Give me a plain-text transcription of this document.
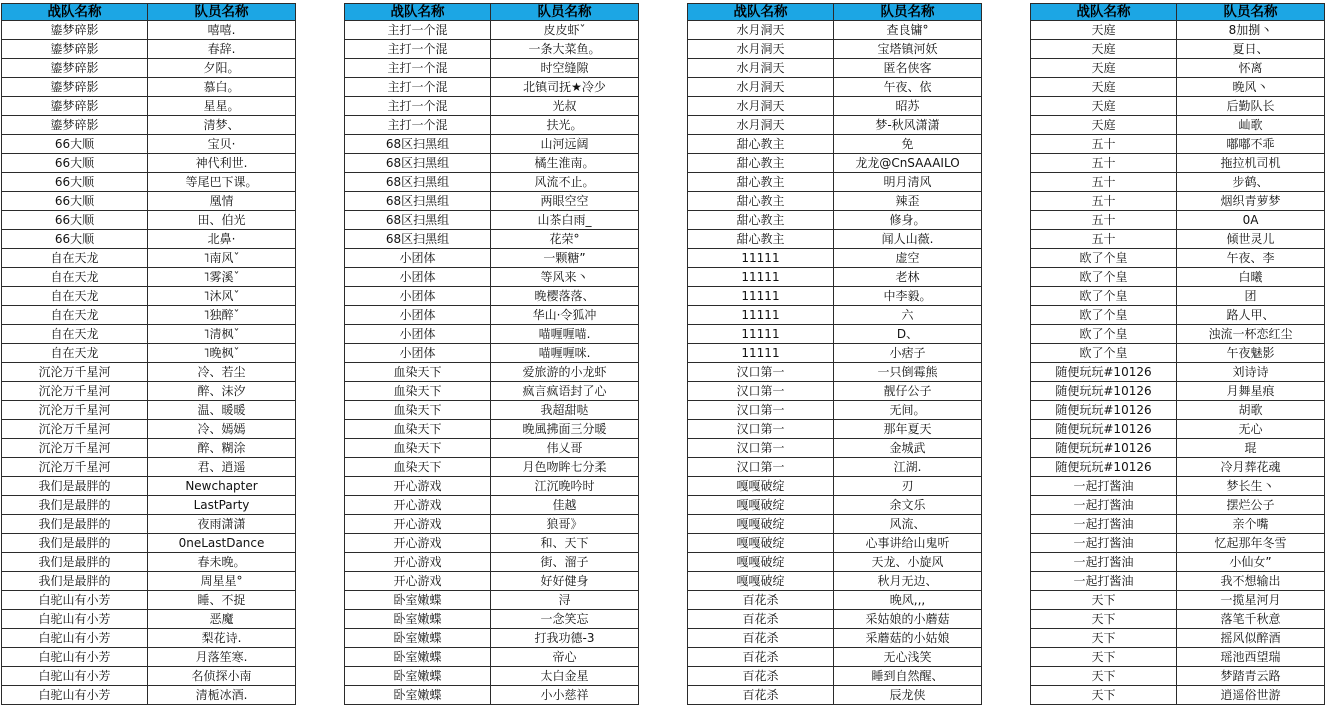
战队名称	队员名称
鎏梦碎影	嘻嘻.
鎏梦碎影	春辞.
鎏梦碎影	夕阳。
鎏梦碎影	慕白。
鎏梦碎影	星星。
鎏梦碎影	清梦、
66大顺	宝贝·
66大顺	神代利世.
66大顺	等尾巴下课。
66大顺	凰情
66大顺	田、伯光
66大顺	北鼻·
自在天龙	˥南风ˇ
自在天龙	˥雾溪ˇ
自在天龙	˥沐风ˇ
自在天龙	˥独醉ˇ
自在天龙	˥清枫ˇ
自在天龙	˥晚枫ˇ
沉沦万千星河	冷、若尘
沉沦万千星河	醉、沫汐
沉沦万千星河	温、暖暖
沉沦万千星河	冷、嫣嫣
沉沦万千星河	醉、糊涂
沉沦万千星河	君、逍遥
我们是最胖的	Newchapter
我们是最胖的	LastParty
我们是最胖的	夜雨潇潇
我们是最胖的	0neLastDance
我们是最胖的	春未晚。
我们是最胖的	周星星°
白驼山有小芳	睡、不捉
白驼山有小芳	恶魔
白驼山有小芳	梨花诗.
白驼山有小芳	月落笙寒.
白驼山有小芳	名侦探小南
白驼山有小芳	清栀冰酒.
战队名称	队员名称
主打一个混	皮皮虾ˇ
主打一个混	一条大菜鱼。
主打一个混	时空缝隙
主打一个混	北镇司抚★冷少
主打一个混	光叔
主打一个混	扶光。
68区扫黑组	山河远阔
68区扫黑组	橘生淮南。
68区扫黑组	风流不止。
68区扫黑组	两眼空空
68区扫黑组	山茶白雨_
68区扫黑组	花荣°
小团体	一颗糖”
小团体	等风来丶
小团体	晚樱落落、
小团体	华山·令狐冲
小团体	喵喱喱喵.
小团体	喵喱喱咪.
血染天下	爱旅游的小龙虾
血染天下	疯言疯语封了心
血染天下	我超甜哒
血染天下	晚風拂面三分暖
血染天下	伟乂哥
血染天下	月色吻眸七分柔
开心游戏	江沉晚吟时
开心游戏	佳越
开心游戏	狼哥》
开心游戏	和、天下
开心游戏	街、溜子
开心游戏	好好健身
卧室嫩蝶	浔
卧室嫩蝶	一念笑忘
卧室嫩蝶	打我功德-3
卧室嫩蝶	帝心
卧室嫩蝶	太白金星
卧室嫩蝶	小小慈祥
战队名称	队员名称
水月洞天	查良镛°
水月洞天	宝塔镇河妖
水月洞天	匿名侠客
水月洞天	午夜、依
水月洞天	昭苏
水月洞天	梦-秋风潇潇
甜心教主	免
甜心教主	龙龙@CnSAAAILO
甜心教主	明月清风
甜心教主	辣歪
甜心教主	修身。
甜心教主	闻人山薇.
11111	虚空
11111	老林
11111	中李毅。
11111	六
11111	D、
11111	小痞子
汉口第一	一只倒霉熊
汉口第一	靓仔公子
汉口第一	无间。
汉口第一	那年夏天
汉口第一	金城武
汉口第一	江湖.
嘎嘎破绽	刃
嘎嘎破绽	余文乐
嘎嘎破绽	风流、
嘎嘎破绽	心事讲给山鬼听
嘎嘎破绽	天龙、小旋风
嘎嘎破绽	秋月无边、
百花杀	晚风,,,
百花杀	采姑娘的小蘑菇
百花杀	采蘑菇的小姑娘
百花杀	无心浅笑
百花杀	睡到自然醒、
百花杀	辰龙侠
战队名称	队员名称
天庭	8加捌丶
天庭	夏日、
天庭	怀离
天庭	晚风丶
天庭	后勤队长
天庭	屾歌
五十	嘟嘟不乖
五十	拖拉机司机
五十	步鹤、
五十	烟织青萝梦
五十	0A
五十	倾世灵儿
欧了个皇	午夜、李
欧了个皇	白曦
欧了个皇	团
欧了个皇	路人甲、
欧了个皇	浊流一杯恋红尘
欧了个皇	午夜魅影
随便玩玩#10126	刘诗诗
随便玩玩#10126	月舞星痕
随便玩玩#10126	胡歌
随便玩玩#10126	无心
随便玩玩#10126	琨
随便玩玩#10126	冷月葬花魂
一起打酱油	梦长生丶
一起打酱油	摆烂公子
一起打酱油	亲个嘴
一起打酱油	忆起那年冬雪
一起打酱油	小仙女”
一起打酱油	我不想输出
天下	一揽星河月
天下	落笔千秋意
天下	摇风似醉酒
天下	瑶池西望瑞
天下	梦踏青云路
天下	逍遥俗世游
